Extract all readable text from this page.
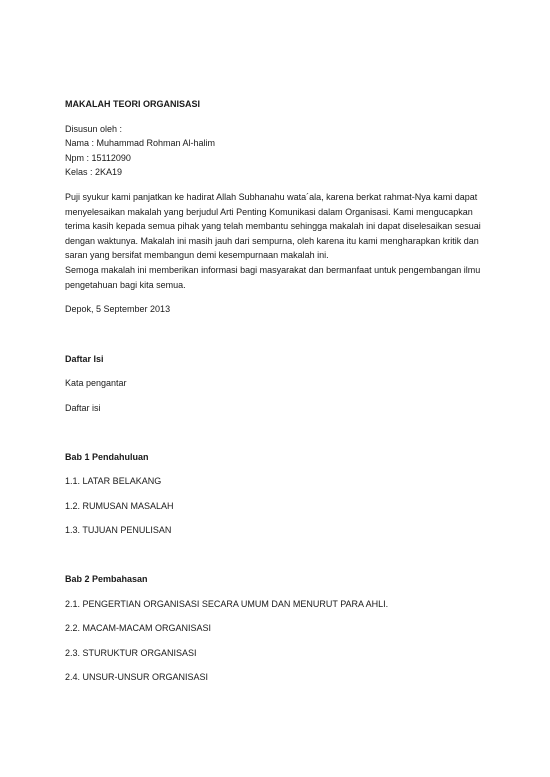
MAKALAH TEORI ORGANISASI

Disusun oleh :

Nama : Muhammad Rohman Al-halim

Npm : 15112090

Kelas : 2KA19

Puji syukur kami panjatkan ke hadirat Allah Subhanahu wata´ala, karena berkat rahmat-Nya kami dapat

menyelesaikan makalah yang berjudul Arti Penting Komunikasi dalam Organisasi. Kami mengucapkan

terima kasih kepada semua pihak yang telah membantu sehingga makalah ini dapat diselesaikan sesuai

dengan waktunya. Makalah ini masih jauh dari sempurna, oleh karena itu kami mengharapkan kritik dan

saran yang bersifat membangun demi kesempurnaan makalah ini.

Semoga makalah ini memberikan informasi bagi masyarakat dan bermanfaat untuk pengembangan ilmu

pengetahuan bagi kita semua.

Depok, 5 September 2013

Daftar Isi

Kata pengantar

Daftar isi

Bab 1 Pendahuluan

1.1. LATAR BELAKANG

1.2. RUMUSAN MASALAH

1.3. TUJUAN PENULISAN

Bab 2 Pembahasan

2.1. PENGERTIAN ORGANISASI SECARA UMUM DAN MENURUT PARA AHLI.

2.2. MACAM-MACAM ORGANISASI

2.3. STURUKTUR ORGANISASI

2.4. UNSUR-UNSUR ORGANISASI
